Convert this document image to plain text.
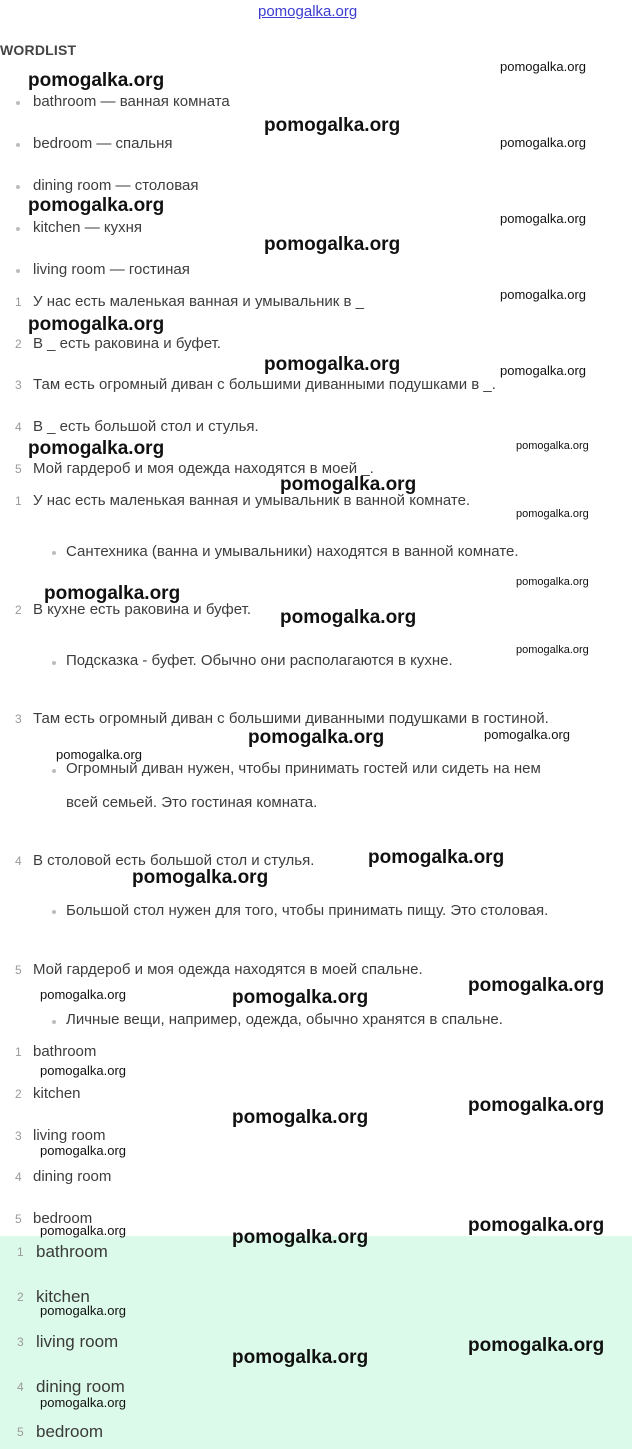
pomogalka.org
WORDLIST
bathroom — ванная комната
bedroom — спальня
dining room — столовая
kitchen — кухня
living room — гостиная
1 У нас есть маленькая ванная и умывальник в _
2 В _ есть раковина и буфет.
3 Там есть огромный диван с большими диванными подушками в _.
4 В _ есть большой стол и стулья.
5 Мой гардероб и моя одежда находятся в моей _.
1 У нас есть маленькая ванная и умывальник в ванной комнате.
Сантехника (ванна и умывальники) находятся в ванной комнате.
2 В кухне есть раковина и буфет.
Подсказка - буфет. Обычно они располагаются в кухне.
3 Там есть огромный диван с большими диванными подушками в гостиной.
Огромный диван нужен, чтобы принимать гостей или сидеть на нем
всей семьей. Это гостиная комната.
4 В столовой есть большой стол и стулья.
Большой стол нужен для того, чтобы принимать пищу. Это столовая.
5 Мой гардероб и моя одежда находятся в моей спальне.
Личные вещи, например, одежда, обычно хранятся в спальне.
1 bathroom
2 kitchen
3 living room
4 dining room
5 bedroom
1 bathroom
2 kitchen
3 living room
4 dining room
5 bedroom
pomogalka.org
pomogalka.org
pomogalka.org
pomogalka.org
pomogalka.org
pomogalka.org
pomogalka.org
pomogalka.org
pomogalka.org
pomogalka.org	pomogalka.org
pomogalka.org	pomogalka.org
pomogalka.org
pomogalka.org
pomogalka.org
pomogalka.org
pomogalka.org
pomogalka.org
pomogalka.org	pomogalka.org
pomogalka.org
pomogalka.org
pomogalka.org
pomogalka.org
pomogalka.org	pomogalka.org
pomogalka.org
pomogalka.org
pomogalka.org
pomogalka.org
pomogalka.org
pomogalka.org	pomogalka.org
pomogalka.org
pomogalka.org
pomogalka.org
pomogalka.org
